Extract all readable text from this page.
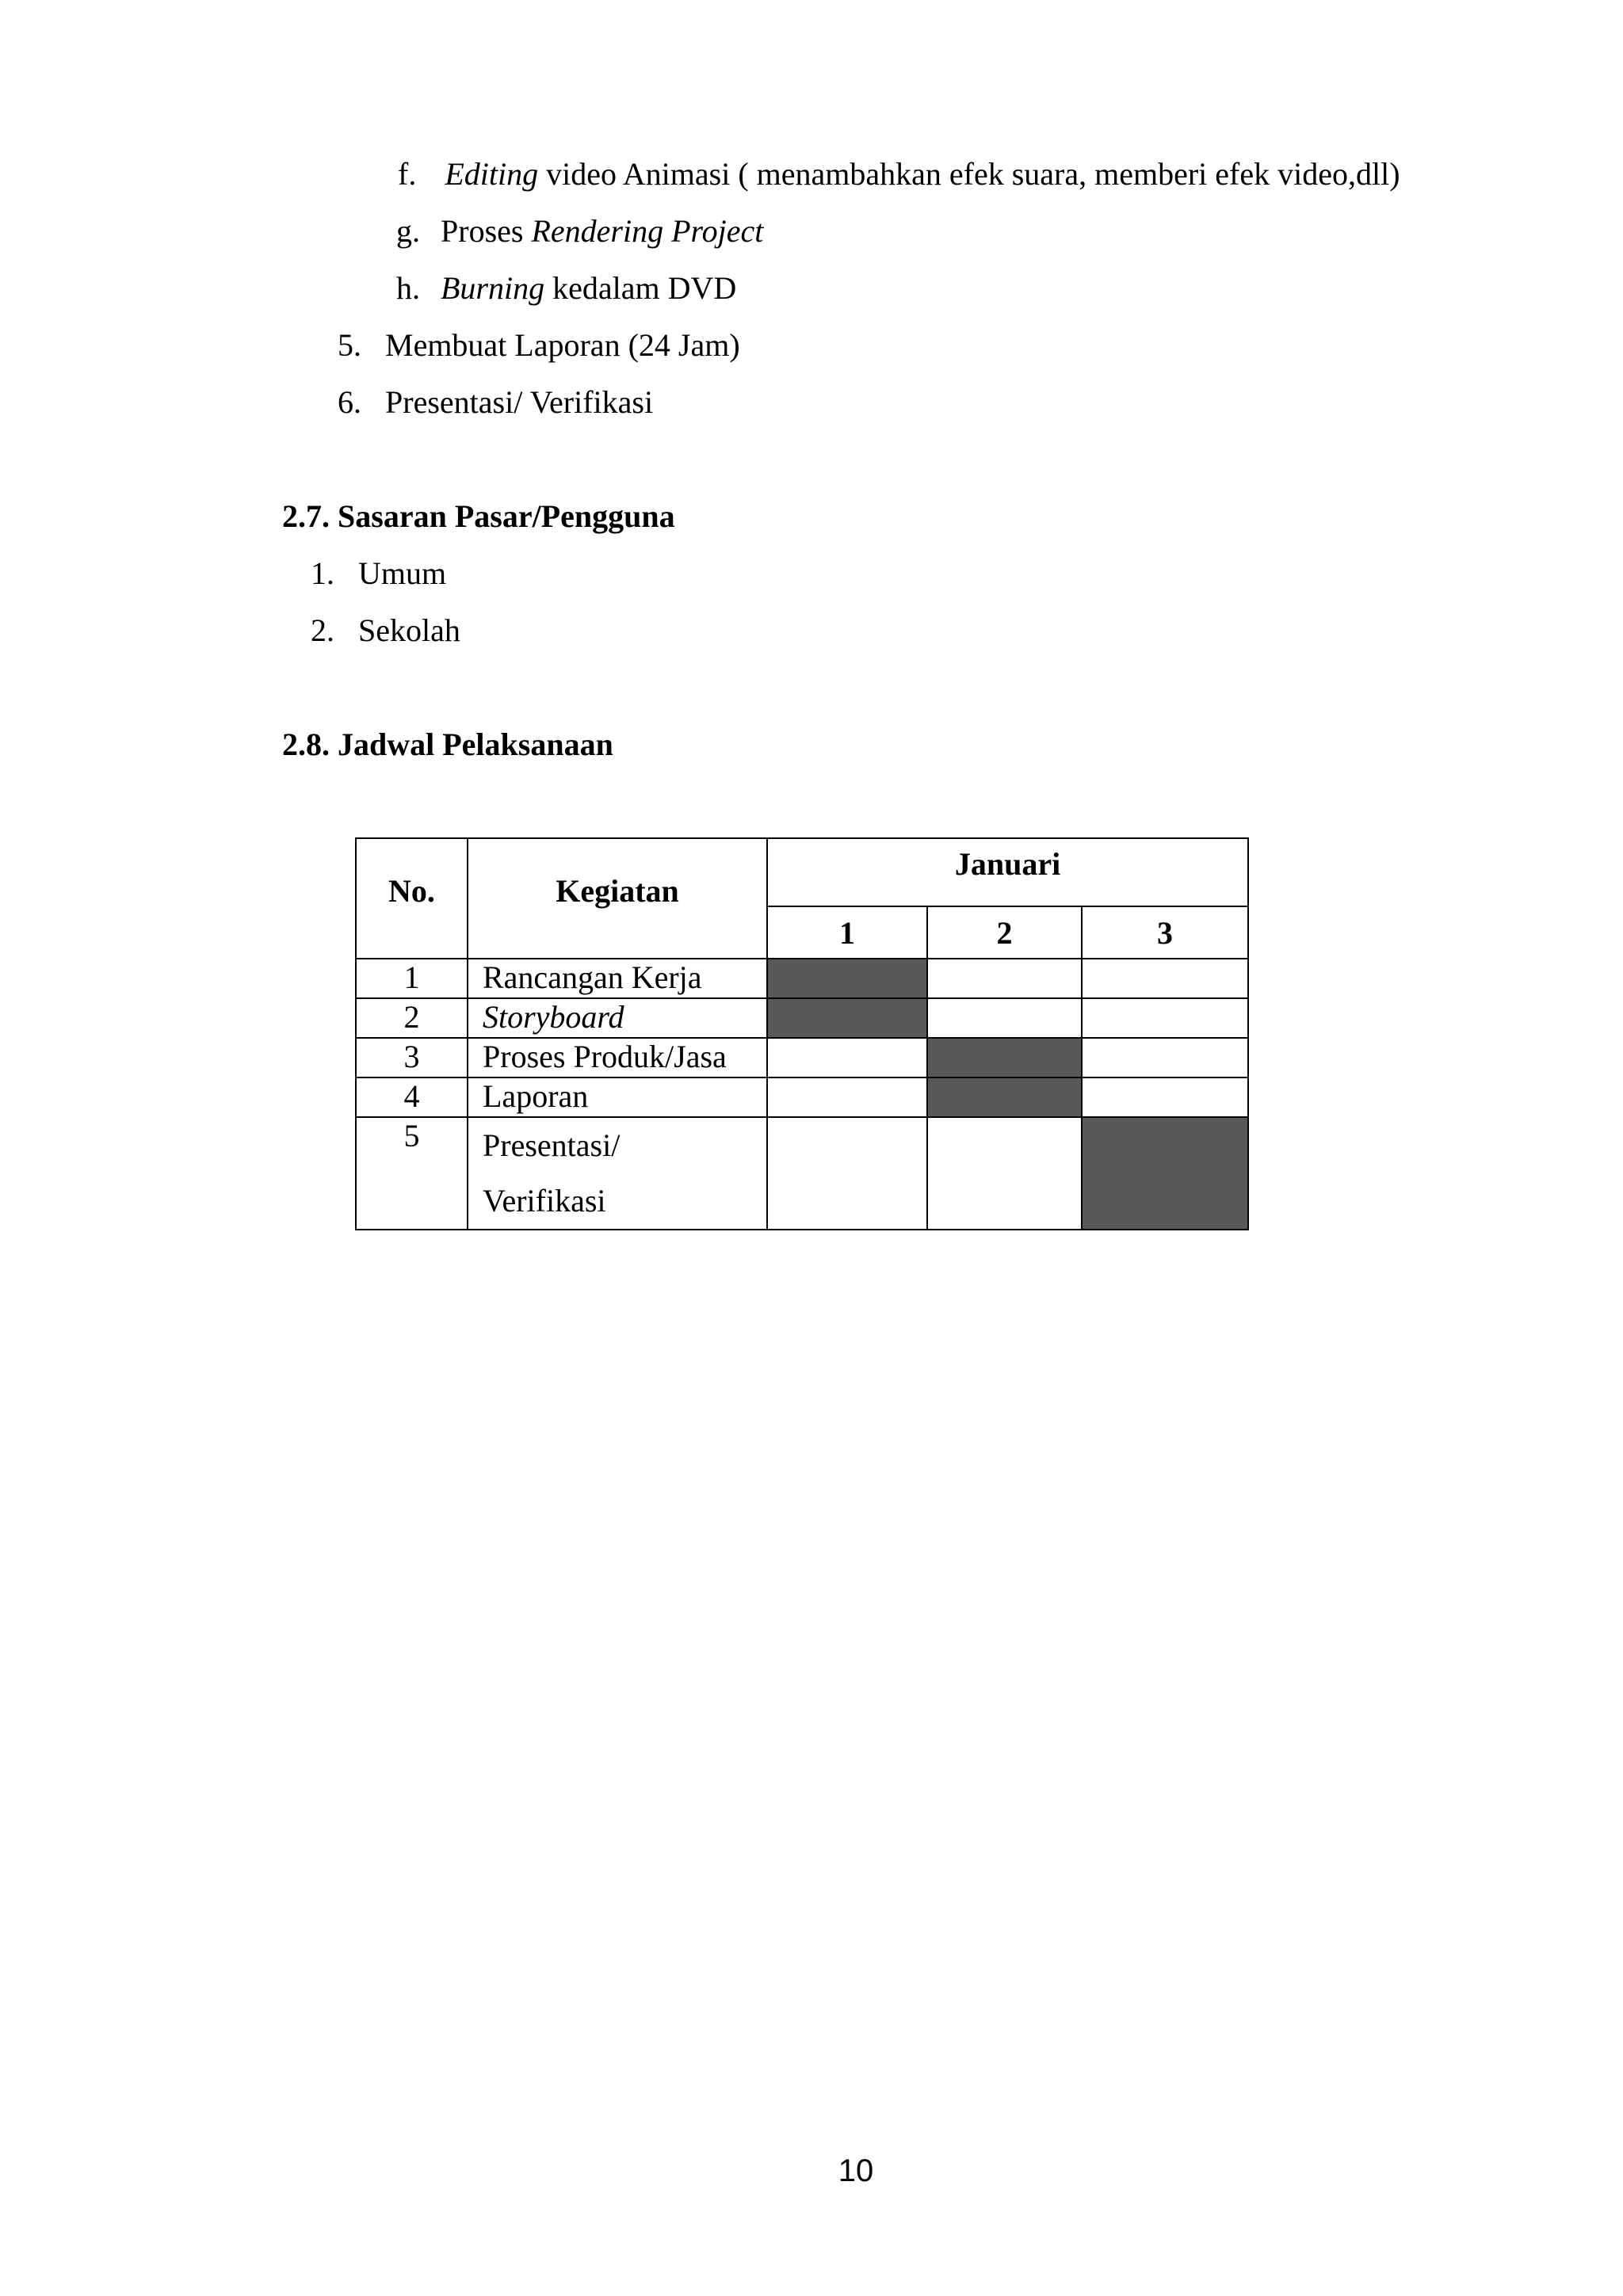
f. Editing video Animasi ( menambahkan efek suara, memberi efek video,dll)
g. Proses Rendering Project
h. Burning kedalam DVD
5. Membuat Laporan (24 Jam)
6. Presentasi/ Verifikasi
2.7. Sasaran Pasar/Pengguna
1. Umum
2. Sekolah
2.8. Jadwal Pelaksanaan
No.	Kegiatan	Januari		
		1	2	3
1	Rancangan Kerja			
2	Storyboard			
3	Proses Produk/Jasa			
4	Laporan			
5	Presentasi/
Verifikasi			
10
